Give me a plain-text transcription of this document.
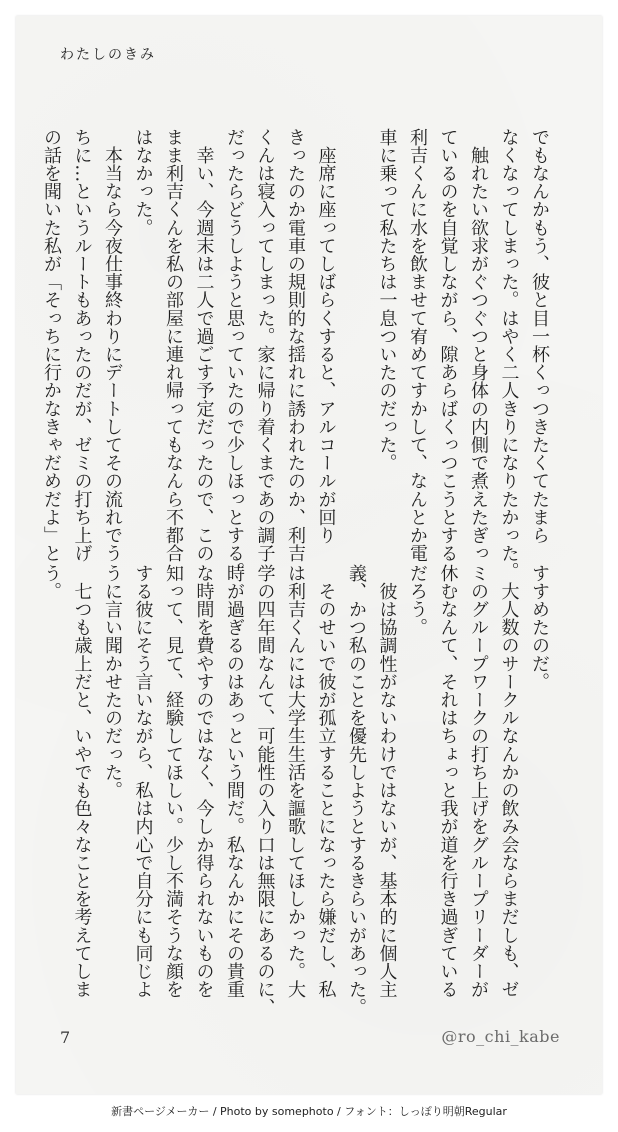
わたしのきみ
でもなんかもう、彼と目一杯くっつきたくてたまら
なくなってしまった。はやく二人きりになりたかった。
　触れたい欲求がぐつぐつと身体の内側で煮えたぎっ
ているのを自覚しながら、隙あらばくっつこうとする
利吉くんに水を飲ませて宥めてすかして、なんとか電
車に乗って私たちは一息ついたのだった。
　座席に座ってしばらくすると、アルコールが回り
きったのか電車の規則的な揺れに誘われたのか、利吉
くんは寝入ってしまった。家に帰り着くまであの調子
だったらどうしようと思っていたので少しほっとする。
　幸い、今週末は二人で過ごす予定だったので、この
まま利吉くんを私の部屋に連れ帰ってもなんら不都合
はなかった。
　本当なら今夜仕事終わりにデートしてその流れでう
ちに…というルートもあったのだが、ゼミの打ち上げ
の話を聞いた私が「そっちに行かなきゃだめだよ」と
すすめたのだ。
　大人数のサークルなんかの飲み会ならまだしも、ゼ
ミのグループワークの打ち上げをグループリーダーが
休むなんて、それはちょっと我が道を行き過ぎている
だろう。
　彼は協調性がないわけではないが、基本的に個人主
義、かつ私のことを優先しようとするきらいがあった。
　そのせいで彼が孤立することになったら嫌だし、私
は利吉くんには大学生生活を謳歌してほしかった。大
学の四年間なんて、可能性の入り口は無限にあるのに、
時が過ぎるのはあっという間だ。私なんかにその貴重
な時間を費やすのではなく、今しか得られないものを
知って、見て、経験してほしい。少し不満そうな顔を
する彼にそう言いながら、私は内心で自分にも同じよ
うに言い聞かせたのだった。
　七つも歳上だと、いやでも色々なことを考えてしま
う。
7	@ro_chi_kabe
新書ページメーカー / Photo by somephoto / フォント：しっぽり明朝Regular
